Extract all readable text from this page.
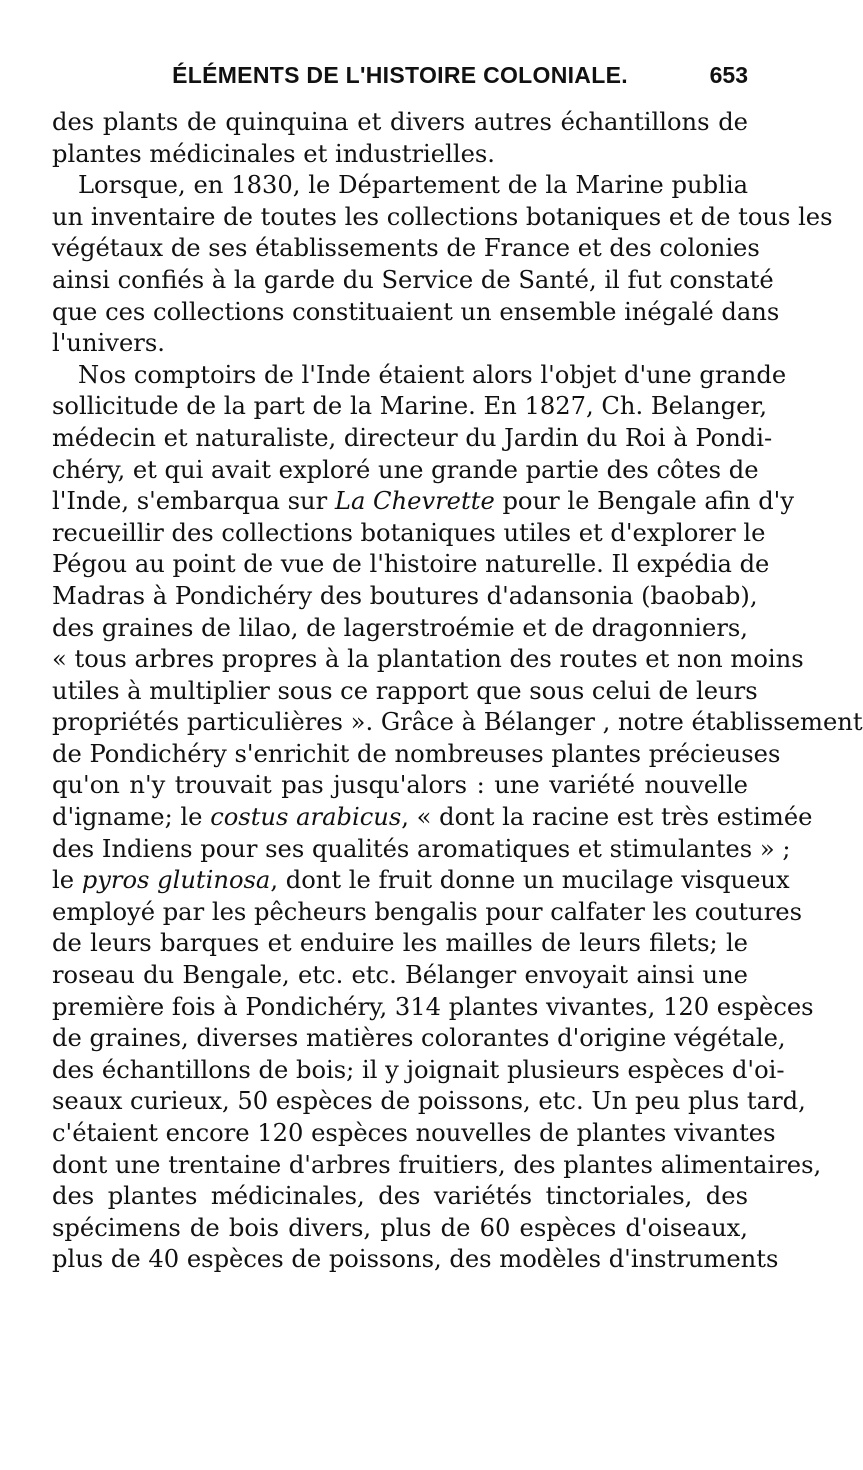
ÉLÉMENTS DE L'HISTOIRE COLONIALE.	653
des plants de quinquina et divers autres échantillons de
plantes médicinales et industrielles.
Lorsque, en 1830, le Département de la Marine publia
un inventaire de toutes les collections botaniques et de tous les
végétaux de ses établissements de France et des colonies
ainsi confiés à la garde du Service de Santé, il fut constaté
que ces collections constituaient un ensemble inégalé dans
l'univers.
Nos comptoirs de l'Inde étaient alors l'objet d'une grande
sollicitude de la part de la Marine. En 1827, Ch. Belanger,
médecin et naturaliste, directeur du Jardin du Roi à Pondi-
chéry, et qui avait exploré une grande partie des côtes de
l'Inde, s'embarqua sur La Chevrette pour le Bengale afin d'y
recueillir des collections botaniques utiles et d'explorer le
Pégou au point de vue de l'histoire naturelle. Il expédia de
Madras à Pondichéry des boutures d'adansonia (baobab),
des graines de lilao, de lagerstroémie et de dragonniers,
« tous arbres propres à la plantation des routes et non moins
utiles à multiplier sous ce rapport que sous celui de leurs
propriétés particulières ». Grâce à Bélanger , notre établissement
de Pondichéry s'enrichit de nombreuses plantes précieuses
qu'on n'y trouvait pas jusqu'alors : une variété nouvelle
d'igname; le costus arabicus, « dont la racine est très estimée
des Indiens pour ses qualités aromatiques et stimulantes » ;
le pyros glutinosa, dont le fruit donne un mucilage visqueux
employé par les pêcheurs bengalis pour calfater les coutures
de leurs barques et enduire les mailles de leurs filets; le
roseau du Bengale, etc. etc. Bélanger envoyait ainsi une
première fois à Pondichéry, 314 plantes vivantes, 120 espèces
de graines, diverses matières colorantes d'origine végétale,
des échantillons de bois; il y joignait plusieurs espèces d'oi-
seaux curieux, 50 espèces de poissons, etc. Un peu plus tard,
c'étaient encore 120 espèces nouvelles de plantes vivantes
dont une trentaine d'arbres fruitiers, des plantes alimentaires,
des plantes médicinales, des variétés tinctoriales, des
spécimens de bois divers, plus de 60 espèces d'oiseaux,
plus de 40 espèces de poissons, des modèles d'instruments
